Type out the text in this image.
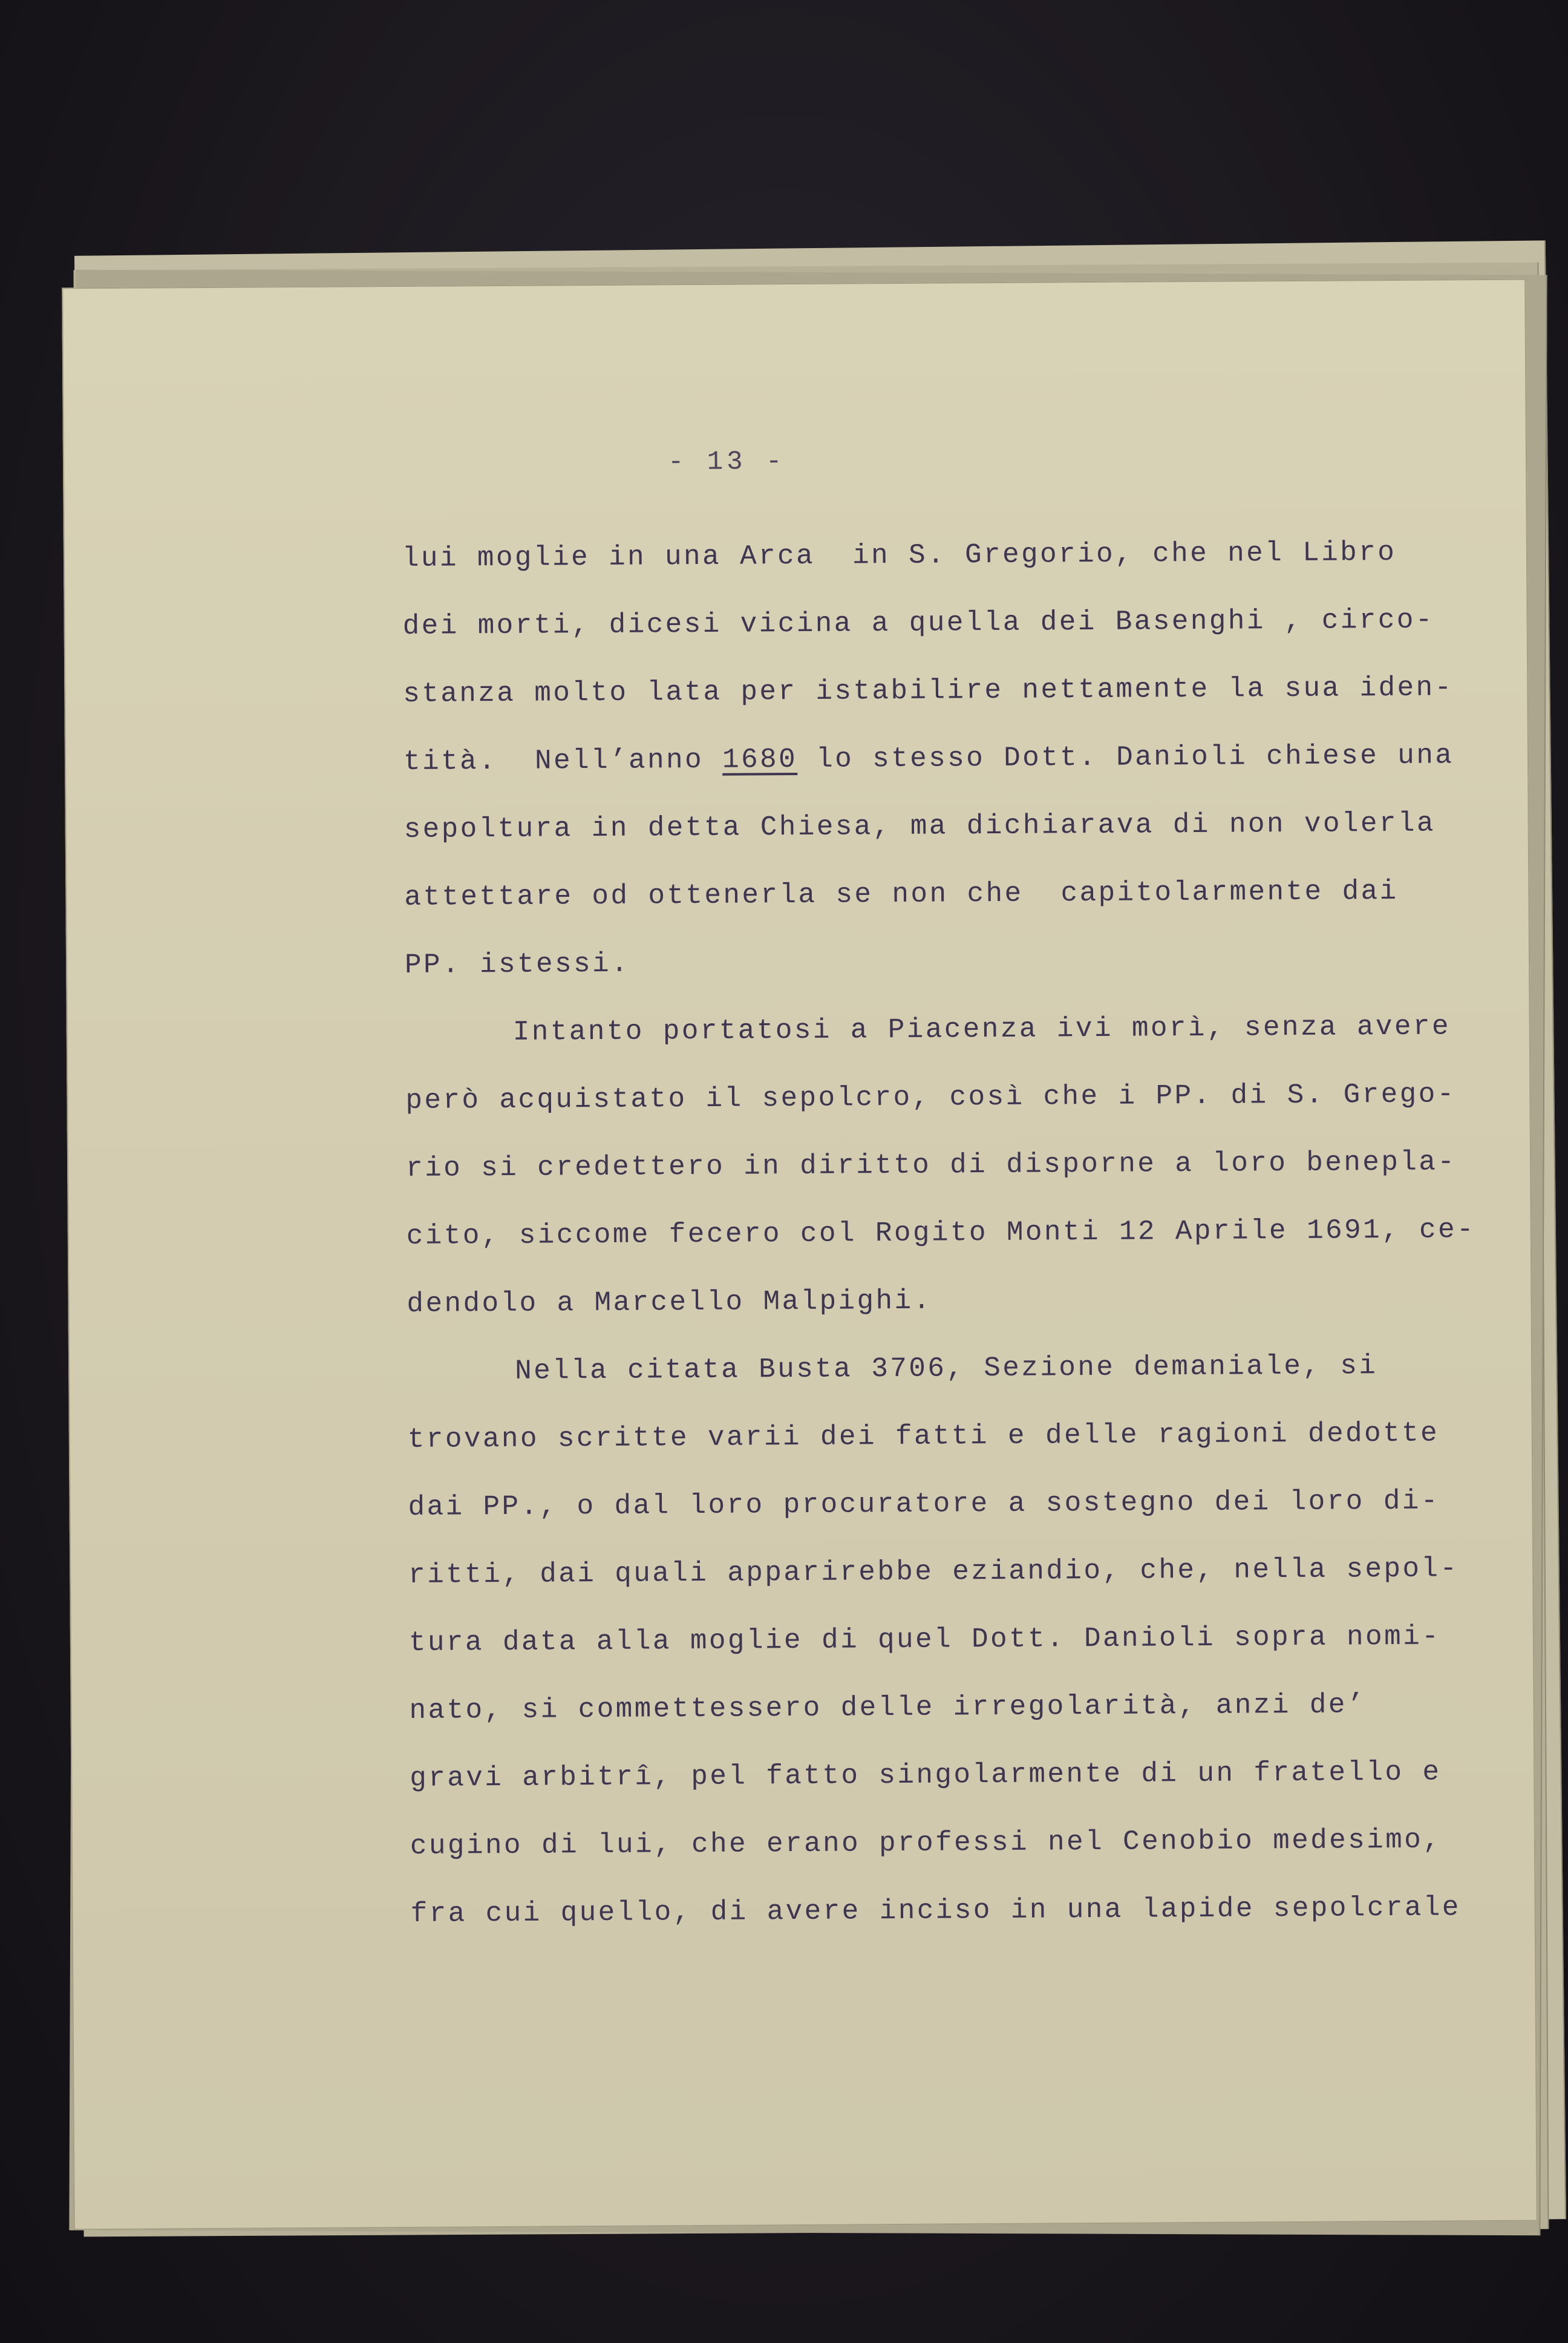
- 13 -
lui moglie in una Arca  in S. Gregorio, che nel Libro
dei morti, dicesi vicina a quella dei Basenghi , circo-
stanza molto lata per istabilire nettamente la sua iden-
tità.  Nell’anno 1680 lo stesso Dott. Danioli chiese una
sepoltura in detta Chiesa, ma dichiarava di non volerla
attettare od ottenerla se non che  capitolarmente dai
PP. istessi.
Intanto portatosi a Piacenza ivi morì, senza avere
però acquistato il sepolcro, così che i PP. di S. Grego-
rio si credettero in diritto di disporne a loro benepla-
cito, siccome fecero col Rogito Monti 12 Aprile 1691, ce-
dendolo a Marcello Malpighi.
Nella citata Busta 3706, Sezione demaniale, si
trovano scritte varii dei fatti e delle ragioni dedotte
dai PP., o dal loro procuratore a sostegno dei loro di-
ritti, dai quali apparirebbe eziandio, che, nella sepol-
tura data alla moglie di quel Dott. Danioli sopra nomi-
nato, si commettessero delle irregolarità, anzi de’
gravi arbitrî, pel fatto singolarmente di un fratello e
cugino di lui, che erano professi nel Cenobio medesimo,
fra cui quello, di avere inciso in una lapide sepolcrale
